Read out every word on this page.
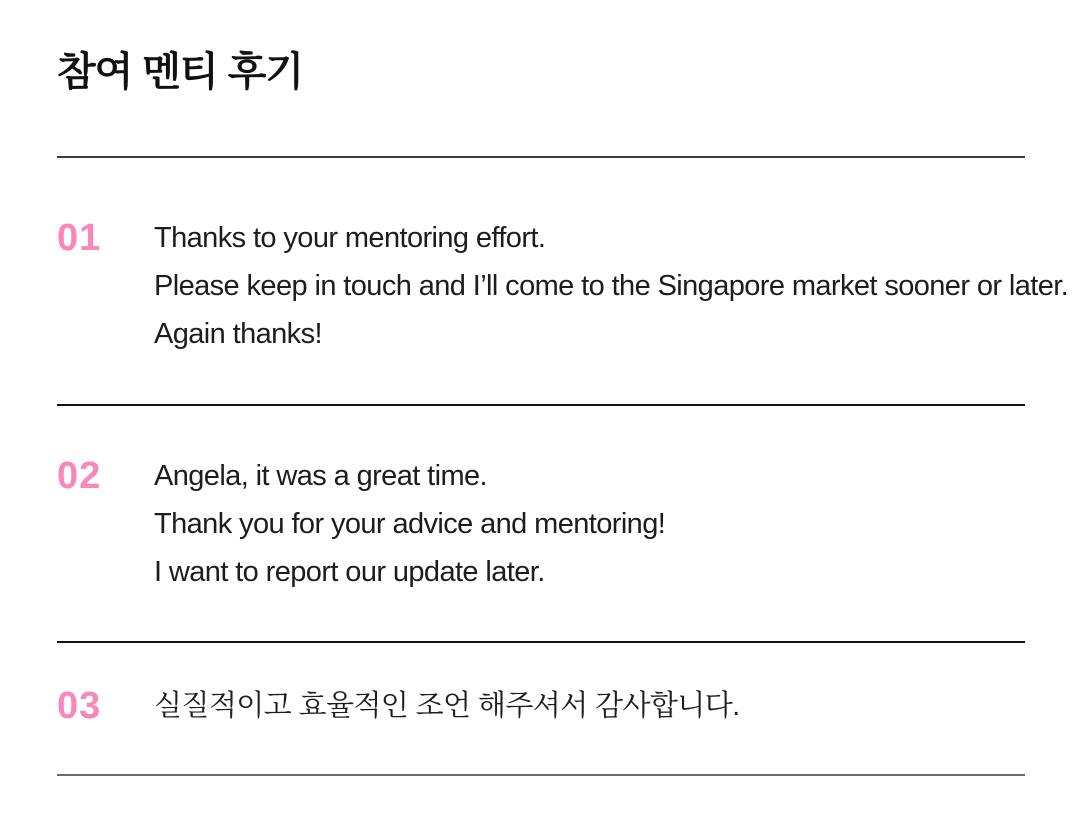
참여 멘티 후기
01	Thanks to your mentoring effort.

Please keep in touch and I’ll come to the Singapore market sooner or later.

Again thanks!

02	Angela, it was a great time.

Thank you for your advice and mentoring!

I want to report our update later.

03	실질적이고 효율적인 조언 해주셔서 감사합니다.
